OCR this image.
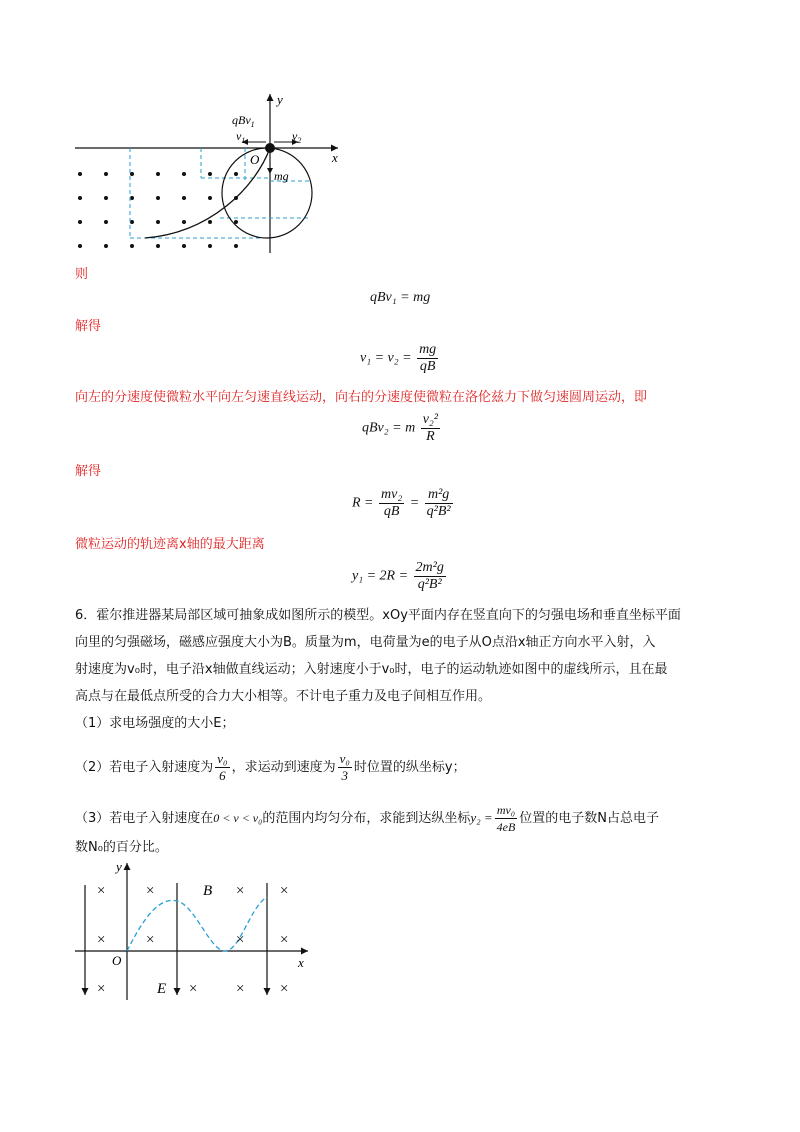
y
x
O
qBv$_1$
$v_1$	$v_2$
mg
则
qBv₁ = mg
解得
$v_1 = v_2 = \frac{mg}{qB}$
向左的分速度使微粒水平向左匀速直线运动，向右的分速度使微粒在洛伦兹力下做匀速圆周运动，即
qBv₂ = m $\frac{\text{v₂²}}{R}$
解得
$R = \frac{\text{mv₂}}{qB} = \frac{\text{m²g}}{\text{q²B²}}$
微粒运动的轨迹离x轴的最大距离
$y_1 = 2R = \frac{\text{2m²g}}{\text{q²B²}}$
6．霍尔推进器某局部区域可抽象成如图所示的模型。xOy平面内存在竖直向下的匀强电场和垂直坐标平面
向里的匀强磁场，磁感应强度大小为B。质量为m，电荷量为e的电子从O点沿x轴正方向水平入射，入
射速度为v₀时，电子沿x轴做直线运动；入射速度小于v₀时，电子的运动轨迹如图中的虚线所示，且在最
高点与在最低点所受的合力大小相等。不计电子重力及电子间相互作用。
（1）求电场强度的大小E；
（2）若电子入射速度为 $\frac{\text{v₀}}{6}$ ，求运动到速度为 $\frac{\text{v₀}}{3}$ 时位置的纵坐标y；
（3）若电子入射速度在0 < v < v₀的范围内均匀分布，求能到达纵坐标$y_2 = \frac{\text{mv₀}}{4eB}$ 位置的电子数N占总电子
数N₀的百分比。
×	×	× ×
×	×	× ×
×	× × ×
y
x
O
B
E
